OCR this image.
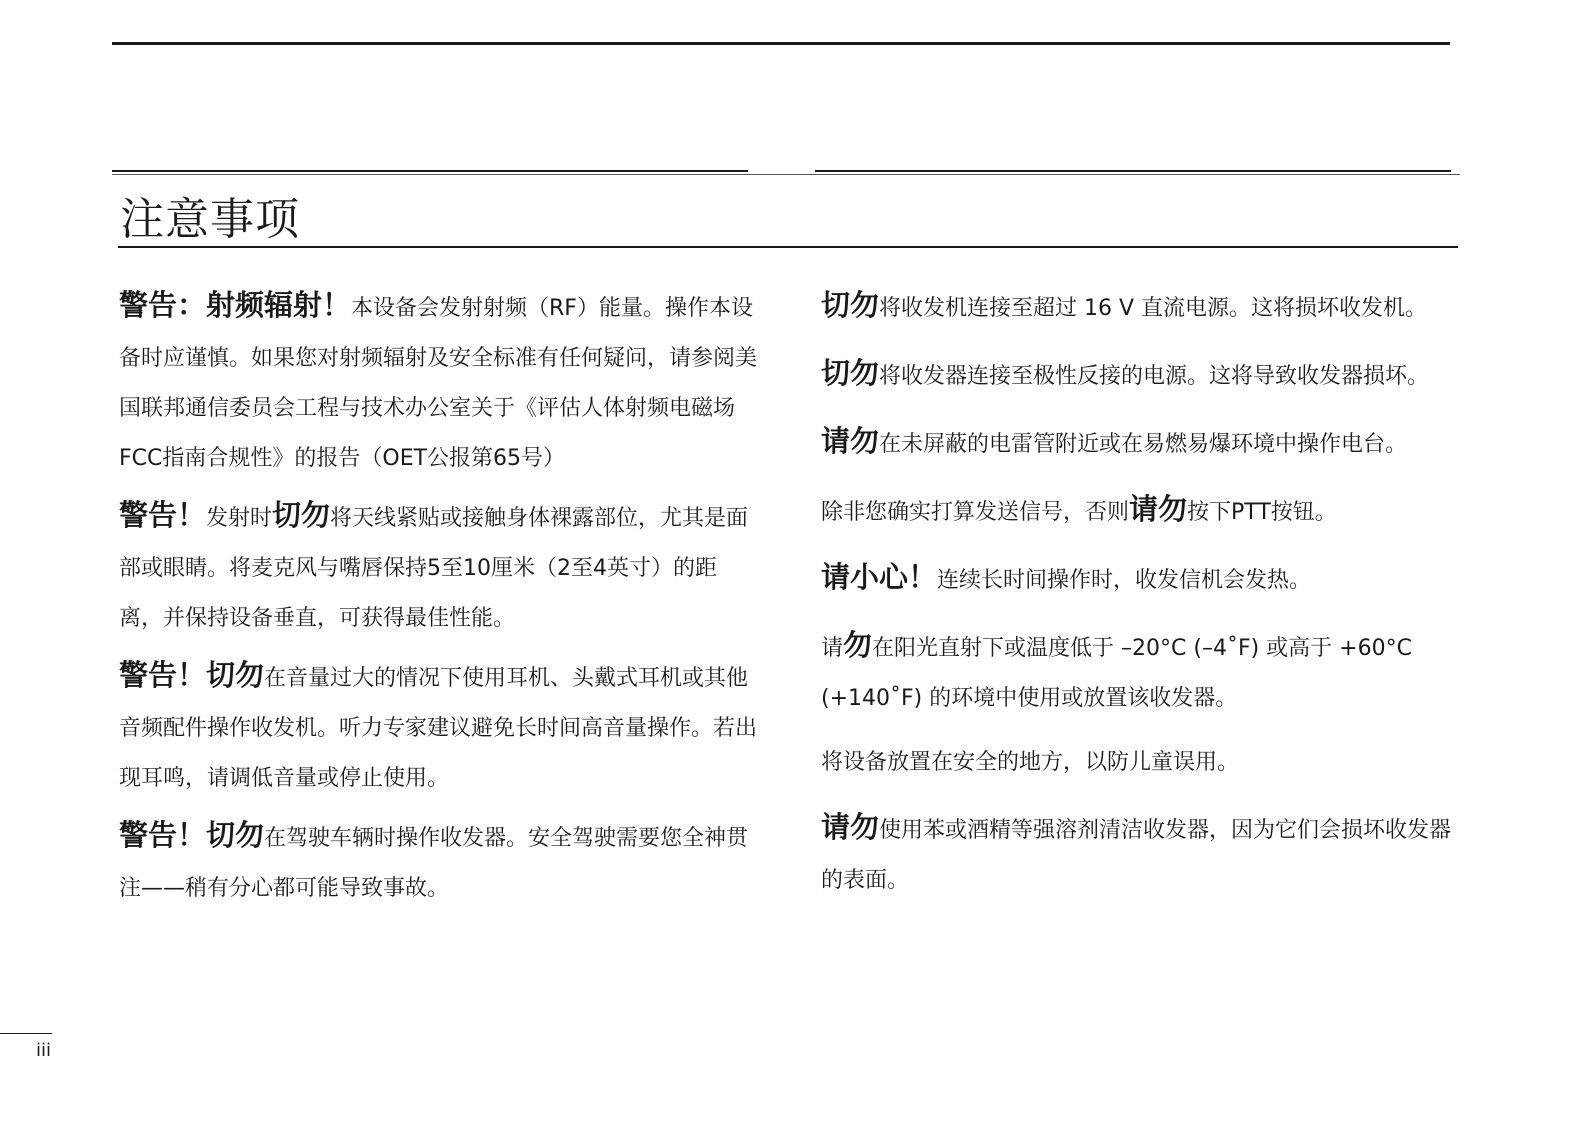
注意事项

警告：射频辐射！本设备会发射射频（RF）能量。操作本设备时应谨慎。如果您对射频辐射及安全标准有任何疑问，请参阅美国联邦通信委员会工程与技术办公室关于《评估人体射频电磁场FCC指南合规性》的报告（OET公报第65号）

警告！发射时切勿将天线紧贴或接触身体裸露部位，尤其是面部或眼睛。将麦克风与嘴唇保持5至10厘米（2至4英寸）的距离，并保持设备垂直，可获得最佳性能。

警告！切勿在音量过大的情况下使用耳机、头戴式耳机或其他音频配件操作收发机。听力专家建议避免长时间高音量操作。若出现耳鸣，请调低音量或停止使用。

警告！切勿在驾驶车辆时操作收发器。安全驾驶需要您全神贯注——稍有分心都可能导致事故。

切勿将收发机连接至超过 16 V 直流电源。这将损坏收发机。

切勿将收发器连接至极性反接的电源。这将导致收发器损坏。

请勿在未屏蔽的电雷管附近或在易燃易爆环境中操作电台。

除非您确实打算发送信号，否则请勿按下PTT按钮。

请小心！连续长时间操作时，收发信机会发热。

请勿在阳光直射下或温度低于 –20°C (–4˚F) 或高于 +60°C (+140˚F) 的环境中使用或放置该收发器。

将设备放置在安全的地方，以防儿童误用。

请勿使用苯或酒精等强溶剂清洁收发器，因为它们会损坏收发器的表面。

iii
